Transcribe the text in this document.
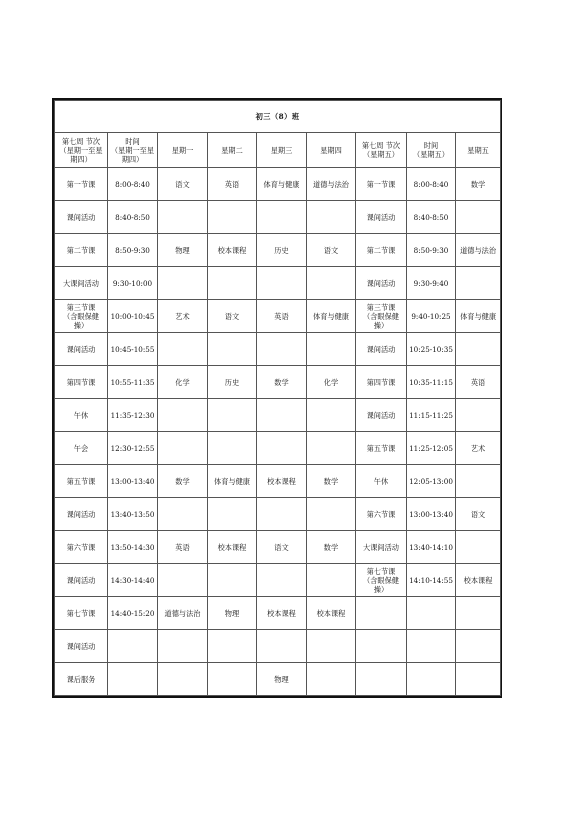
初三（8）班								
第七周 节次
（星期一至星
期四）	时间
（星期一至星
期四）	星期一	星期二	星期三	星期四	第七周 节次
（星期五）	时间
（星期五）	星期五
第一节课	8:00-8:40	语文	英语	体育与健康	道德与法治	第一节课	8:00-8:40	数学
课间活动	8:40-8:50					课间活动	8:40-8:50	
第二节课	8:50-9:30	物理	校本课程	历史	语文	第二节课	8:50-9:30	道德与法治
大课间活动	9:30-10:00					课间活动	9:30-9:40	
第三节课
（含眼保健
操）	10:00-10:45	艺术	语文	英语	体育与健康	第三节课
（含眼保健
操）	9:40-10:25	体育与健康
课间活动	10:45-10:55					课间活动	10:25-10:35	
第四节课	10:55-11:35	化学	历史	数学	化学	第四节课	10:35-11:15	英语
午休	11:35-12:30					课间活动	11:15-11:25	
午会	12:30-12:55					第五节课	11:25-12:05	艺术
第五节课	13:00-13:40	数学	体育与健康	校本课程	数学	午休	12:05-13:00	
课间活动	13:40-13:50					第六节课	13:00-13:40	语文
第六节课	13:50-14:30	英语	校本课程	语文	数学	大课间活动	13:40-14:10	
课间活动	14:30-14:40					第七节课
（含眼保健
操）	14:10-14:55	校本课程
第七节课	14:40-15:20	道德与法治	物理	校本课程	校本课程			
课间活动								
课后服务				物理				
